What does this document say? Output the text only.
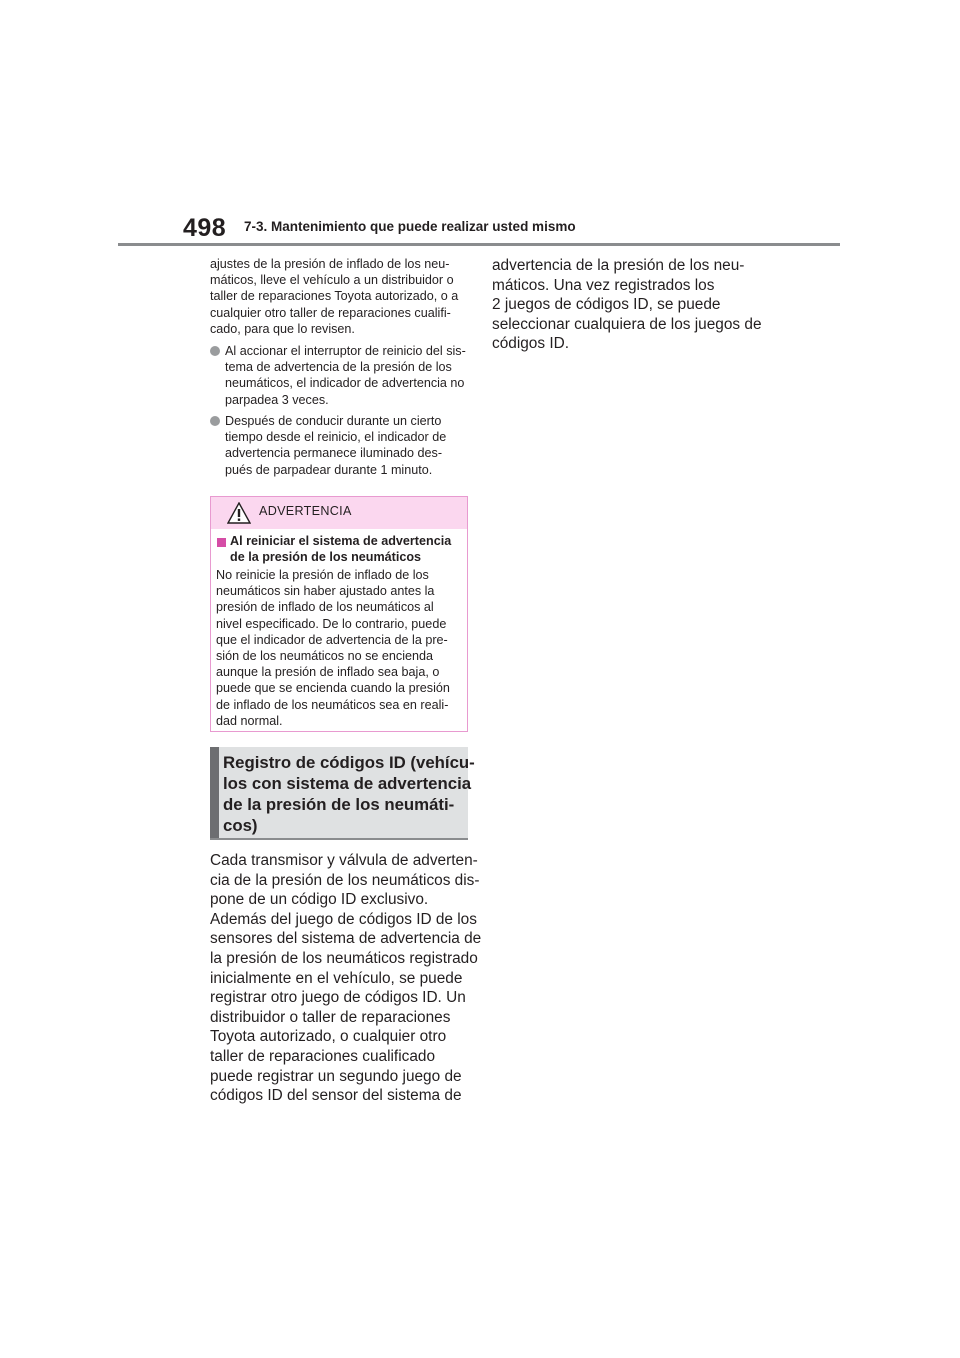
498 7-3. Mantenimiento que puede realizar usted mismo
ajustes de la presión de inflado de los neu-
máticos, lleve el vehículo a un distribuidor o
taller de reparaciones Toyota autorizado, o a
cualquier otro taller de reparaciones cualifi-
cado, para que lo revisen.
Al accionar el interruptor de reinicio del sis-
tema de advertencia de la presión de los
neumáticos, el indicador de advertencia no
parpadea 3 veces.
Después de conducir durante un cierto
tiempo desde el reinicio, el indicador de
advertencia permanece iluminado des-
pués de parpadear durante 1 minuto.
ADVERTENCIA
Al reiniciar el sistema de advertencia
de la presión de los neumáticos
No reinicie la presión de inflado de los
neumáticos sin haber ajustado antes la
presión de inflado de los neumáticos al
nivel especificado. De lo contrario, puede
que el indicador de advertencia de la pre-
sión de los neumáticos no se encienda
aunque la presión de inflado sea baja, o
puede que se encienda cuando la presión
de inflado de los neumáticos sea en reali-
dad normal.
Registro de códigos ID (vehícu-
los con sistema de advertencia
de la presión de los neumáti-
cos)
Cada transmisor y válvula de adverten-
cia de la presión de los neumáticos dis-
pone de un código ID exclusivo.
Además del juego de códigos ID de los
sensores del sistema de advertencia de
la presión de los neumáticos registrado
inicialmente en el vehículo, se puede
registrar otro juego de códigos ID. Un
distribuidor o taller de reparaciones
Toyota autorizado, o cualquier otro
taller de reparaciones cualificado
puede registrar un segundo juego de
códigos ID del sensor del sistema de
advertencia de la presión de los neu-
máticos. Una vez registrados los
2 juegos de códigos ID, se puede
seleccionar cualquiera de los juegos de
códigos ID.
